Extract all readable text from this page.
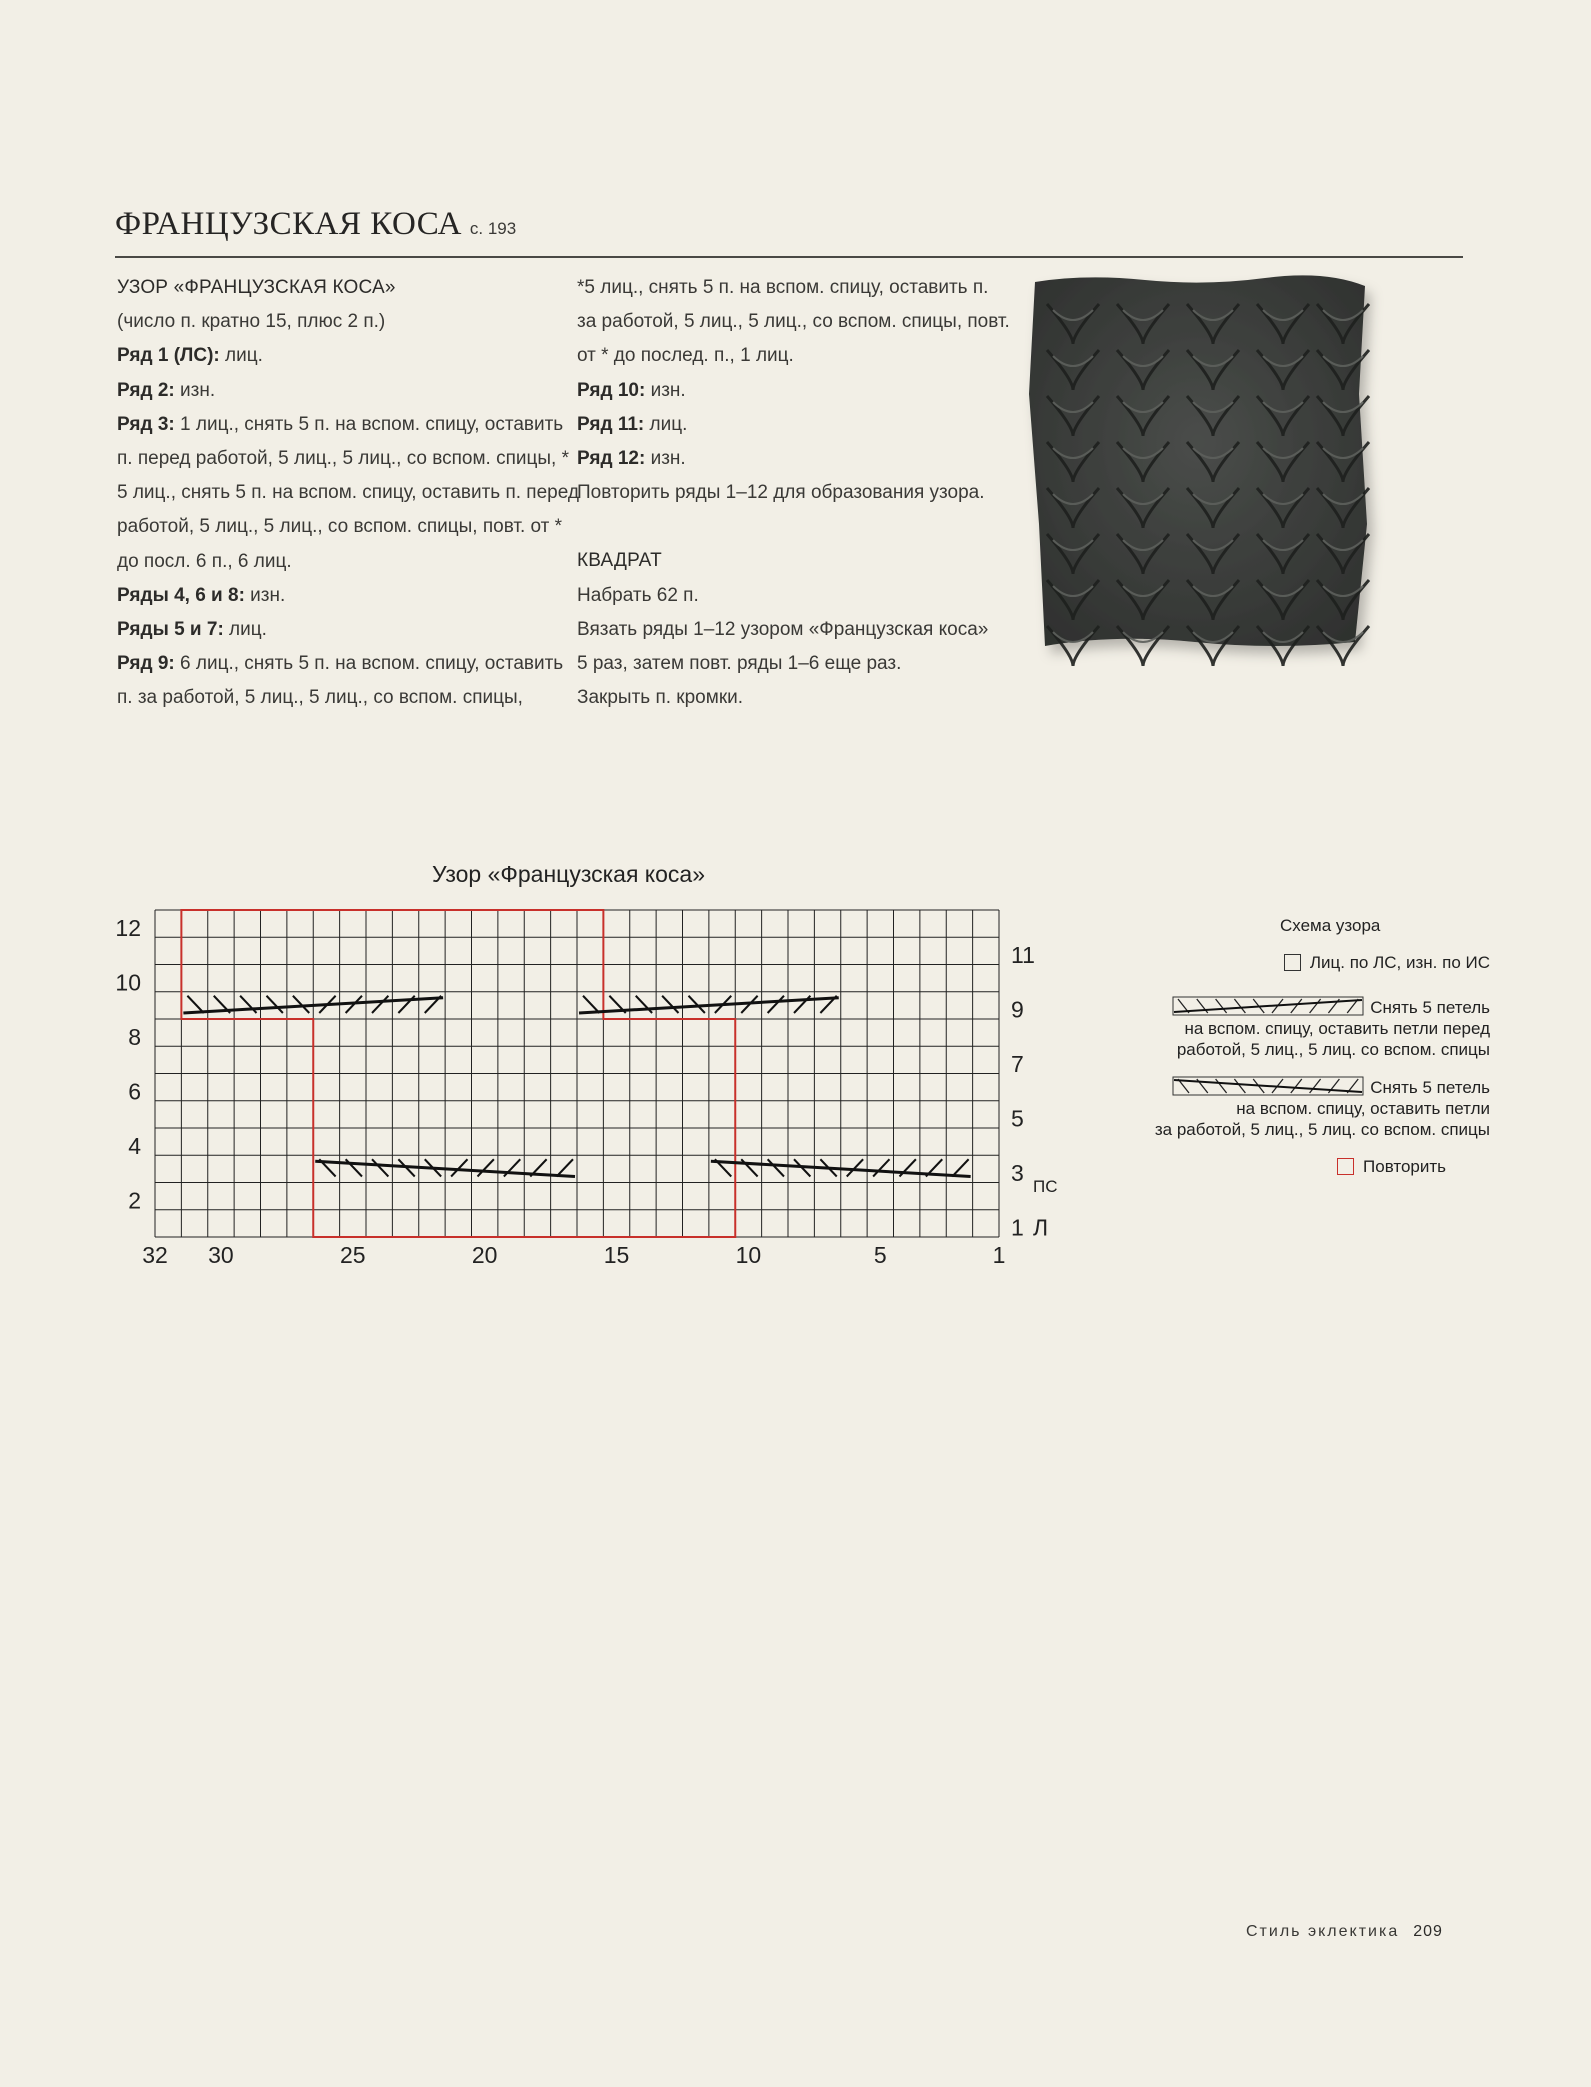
ФРАНЦУЗСКАЯ КОСА с. 193
УЗОР «ФРАНЦУЗСКАЯ КОСА»
(число п. кратно 15, плюс 2 п.)
Ряд 1 (ЛС): лиц.
Ряд 2: изн.
Ряд 3: 1 лиц., снять 5 п. на вспом. спицу, оставить
п. перед работой, 5 лиц., 5 лиц., со вспом. спицы, *
5 лиц., снять 5 п. на вспом. спицу, оставить п. перед
работой, 5 лиц., 5 лиц., со вспом. спицы, повт. от *
до посл. 6 п., 6 лиц.
Ряды 4, 6 и 8: изн.
Ряды 5 и 7: лиц.
Ряд 9: 6 лиц., снять 5 п. на вспом. спицу, оставить
п. за работой, 5 лиц., 5 лиц., со вспом. спицы,
*5 лиц., снять 5 п. на вспом. спицу, оставить п.
за работой, 5 лиц., 5 лиц., со вспом. спицы, повт.
от * до послед. п., 1 лиц.
Ряд 10: изн.
Ряд 11: лиц.
Ряд 12: изн.
Повторить ряды 1–12 для образования узора.
КВАДРАТ
Набрать 62 п.
Вязать ряды 1–12 узором «Французская коса»
5 раз, затем повт. ряды 1–6 еще раз.
Закрыть п. кромки.
Узор «Французская коса»
12
10
8
6
4
2
11
9
7
5
3
1
ПС
Л
32 30	25	20	15	10	5	1
Схема узора
Лиц. по ЛС, изн. по ИС
Снять 5 петель
на вспом. спицу, оставить петли перед
работой, 5 лиц., 5 лиц. со вспом. спицы
Снять 5 петель
на вспом. спицу, оставить петли
за работой, 5 лиц., 5 лиц. со вспом. спицы
Повторить
Стиль эклектика 209
